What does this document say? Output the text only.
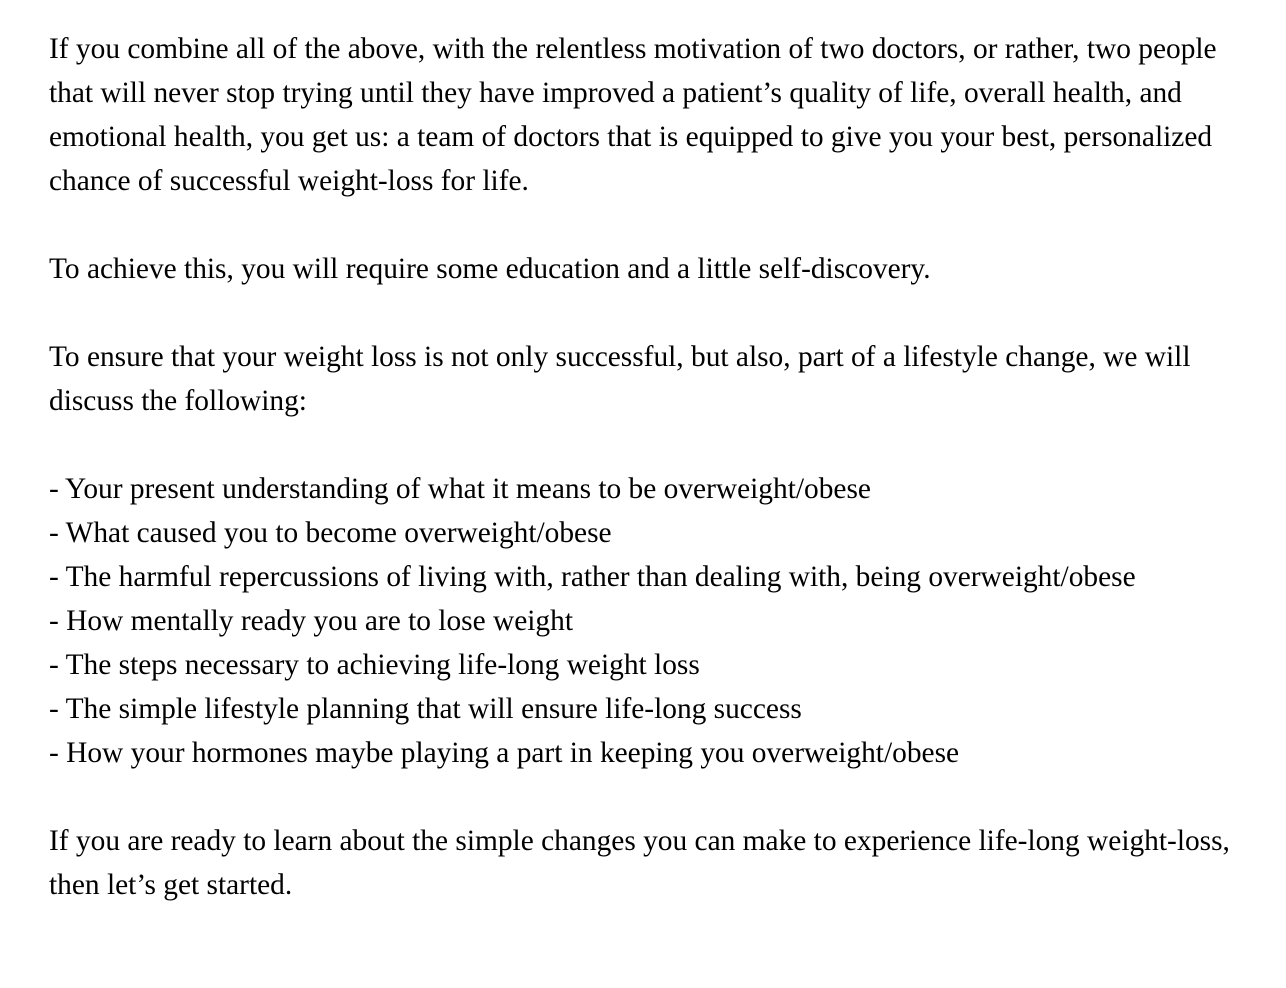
If you combine all of the above, with the relentless motivation of two doctors, or rather, two people that will never stop trying until they have improved a patient’s quality of life, overall health, and emotional health, you get us: a team of doctors that is equipped to give you your best, personalized chance of successful weight-loss for life.

To achieve this, you will require some education and a little self-discovery.

To ensure that your weight loss is not only successful, but also, part of a lifestyle change, we will discuss the following:

- Your present understanding of what it means to be overweight/obese
- What caused you to become overweight/obese
- The harmful repercussions of living with, rather than dealing with, being overweight/obese
- How mentally ready you are to lose weight
- The steps necessary to achieving life-long weight loss
- The simple lifestyle planning that will ensure life-long success
- How your hormones maybe playing a part in keeping you overweight/obese

If you are ready to learn about the simple changes you can make to experience life-long weight-loss, then let’s get started.
